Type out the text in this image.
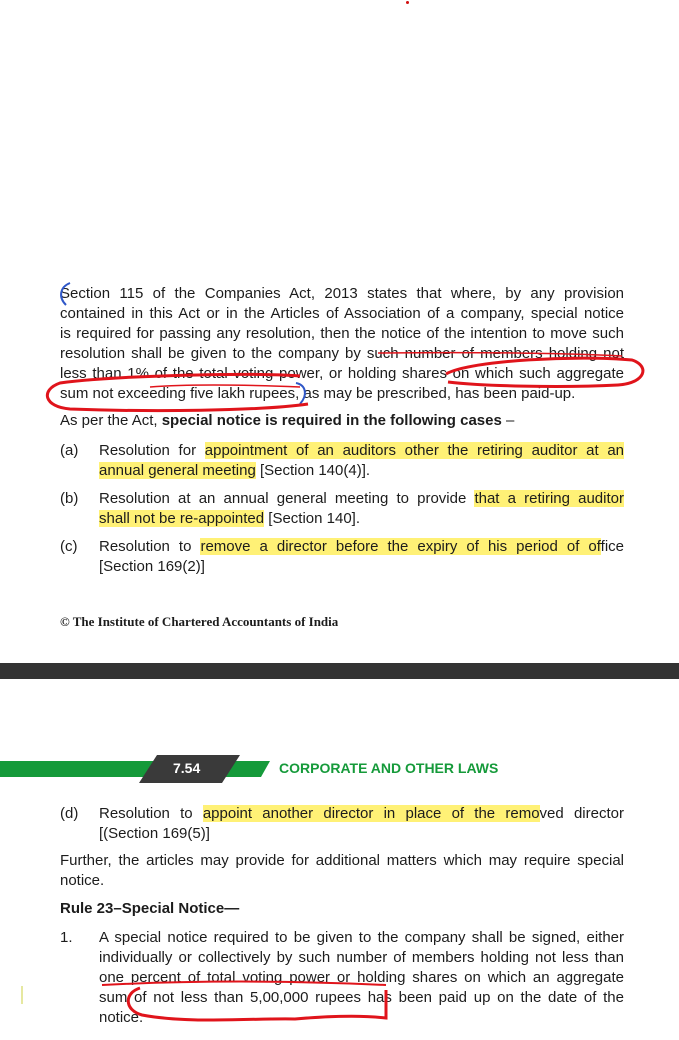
Section 115 of the Companies Act, 2013 states that where, by any provision
contained in this Act or in the Articles of Association of a company, special notice
is required for passing any resolution, then the notice of the intention to move such
resolution shall be given to the company by such number of members holding not
less than 1% of the total voting power, or holding shares on which such aggregate
sum not exceeding five lakh rupees, as may be prescribed, has been paid-up.
As per the Act, special notice is required in the following cases –
(a) Resolution for appointment of an auditors other the retiring auditor at an
annual general meeting [Section 140(4)].
(b) Resolution at an annual general meeting to provide that a retiring auditor
shall not be re-appointed [Section 140].
(c) Resolution to remove a director before the expiry of his period of office
[Section 169(2)]
© The Institute of Chartered Accountants of India
7.54	CORPORATE AND OTHER LAWS
(d) Resolution to appoint another director in place of the removed director
[(Section 169(5)]
Further, the articles may provide for additional matters which may require special
notice.
Rule 23–Special Notice—
1. A special notice required to be given to the company shall be signed, either
individually or collectively by such number of members holding not less than
one percent of total voting power or holding shares on which an aggregate
sum of not less than 5,00,000 rupees has been paid up on the date of the
notice.
